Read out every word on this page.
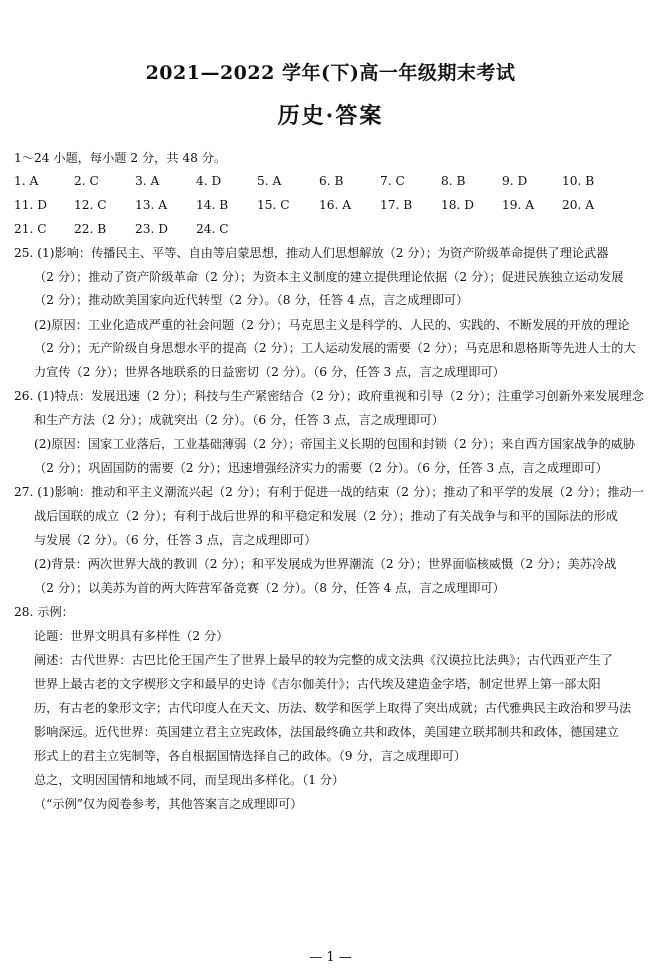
2021—2022 学年(下)高一年级期末考试
历史·答案
1～24 小题，每小题 2 分，共 48 分。
1. A	2. C	3. A	4. D	5. A	6. B	7. C	8. B	9. D	10. B
11. D 12. C 13. A 14. B 15. C 16. A 17. B 18. D 19. A 20. A
21. C 22. B 23. D 24. C
25. (1)影响：传播民主、平等、自由等启蒙思想，推动人们思想解放（2 分）；为资产阶级革命提供了理论武器
（2 分）；推动了资产阶级革命（2 分）；为资本主义制度的建立提供理论依据（2 分）；促进民族独立运动发展
（2 分）；推动欧美国家向近代转型（2 分）。（8 分，任答 4 点，言之成理即可）
(2)原因：工业化造成严重的社会问题（2 分）；马克思主义是科学的、人民的、实践的、不断发展的开放的理论
（2 分）；无产阶级自身思想水平的提高（2 分）；工人运动发展的需要（2 分）；马克思和恩格斯等先进人士的大
力宣传（2 分）；世界各地联系的日益密切（2 分）。（6 分，任答 3 点，言之成理即可）
26. (1)特点：发展迅速（2 分）；科技与生产紧密结合（2 分）；政府重视和引导（2 分）；注重学习创新外来发展理念
和生产方法（2 分）；成就突出（2 分）。（6 分，任答 3 点，言之成理即可）
(2)原因：国家工业落后，工业基础薄弱（2 分）；帝国主义长期的包围和封锁（2 分）；来自西方国家战争的威胁
（2 分）；巩固国防的需要（2 分）；迅速增强经济实力的需要（2 分）。（6 分，任答 3 点，言之成理即可）
27. (1)影响：推动和平主义潮流兴起（2 分）；有利于促进一战的结束（2 分）；推动了和平学的发展（2 分）；推动一
战后国联的成立（2 分）；有利于战后世界的和平稳定和发展（2 分）；推动了有关战争与和平的国际法的形成
与发展（2 分）。（6 分，任答 3 点，言之成理即可）
(2)背景：两次世界大战的教训（2 分）；和平发展成为世界潮流（2 分）；世界面临核威慑（2 分）；美苏冷战
（2 分）；以美苏为首的两大阵营军备竞赛（2 分）。（8 分，任答 4 点，言之成理即可）
28. 示例：
论题：世界文明具有多样性（2 分）
阐述：古代世界：古巴比伦王国产生了世界上最早的较为完整的成文法典《汉谟拉比法典》；古代西亚产生了
世界上最古老的文字楔形文字和最早的史诗《吉尔伽美什》；古代埃及建造金字塔，制定世界上第一部太阳
历，有古老的象形文字；古代印度人在天文、历法、数学和医学上取得了突出成就；古代雅典民主政治和罗马法
影响深远。近代世界：英国建立君主立宪政体，法国最终确立共和政体，美国建立联邦制共和政体，德国建立
形式上的君主立宪制等，各自根据国情选择自己的政体。（9 分，言之成理即可）
总之，文明因国情和地域不同，而呈现出多样化。（1 分）
（“示例”仅为阅卷参考，其他答案言之成理即可）
— 1 —
